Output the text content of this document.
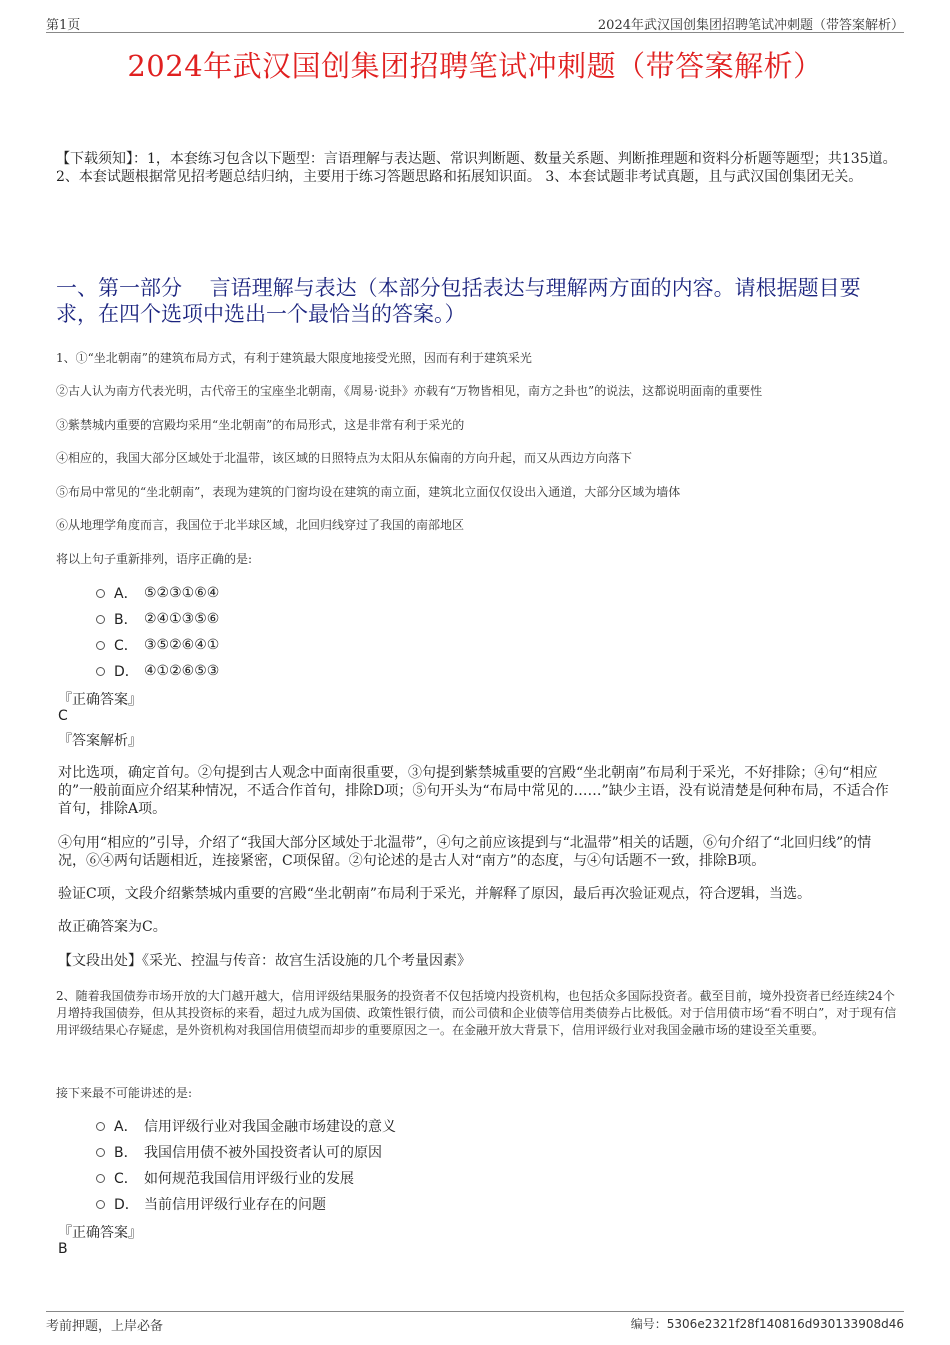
第1页	2024年武汉国创集团招聘笔试冲刺题（带答案解析）
2024年武汉国创集团招聘笔试冲刺题（带答案解析）
【下载须知】：1，本套练习包含以下题型：言语理解与表达题、常识判断题、数量关系题、判断推理题和资料分析题等题型；共135道。 2、本套试题根据常见招考题总结归纳，主要用于练习答题思路和拓展知识面。 3、本套试题非考试真题，且与武汉国创集团无关。
一、第一部分　 言语理解与表达（本部分包括表达与理解两方面的内容。请根据题目要求，在四个选项中选出一个最恰当的答案。）
1、①“坐北朝南”的建筑布局方式，有利于建筑最大限度地接受光照，因而有利于建筑采光
②古人认为南方代表光明，古代帝王的宝座坐北朝南，《周易·说卦》亦载有“万物皆相见，南方之卦也”的说法，这都说明面南的重要性
③紫禁城内重要的宫殿均采用“坐北朝南”的布局形式，这是非常有利于采光的
④相应的，我国大部分区域处于北温带，该区域的日照特点为太阳从东偏南的方向升起，而又从西边方向落下
⑤布局中常见的“坐北朝南”，表现为建筑的门窗均设在建筑的南立面，建筑北立面仅仅设出入通道，大部分区域为墙体
⑥从地理学角度而言，我国位于北半球区域，北回归线穿过了我国的南部地区
将以上句子重新排列，语序正确的是:
A． ⑤②③①⑥④
B． ②④①③⑤⑥
C． ③⑤②⑥④①
D． ④①②⑥⑤③
『正确答案』
C
『答案解析』
对比选项，确定首句。②句提到古人观念中面南很重要，③句提到紫禁城重要的宫殿“坐北朝南”布局利于采光，不好排除；④句“相应的”一般前面应介绍某种情况，不适合作首句，排除D项；⑤句开头为“布局中常见的……”缺少主语，没有说清楚是何种布局，不适合作首句，排除A项。
④句用“相应的”引导，介绍了“我国大部分区域处于北温带”，④句之前应该提到与“北温带”相关的话题，⑥句介绍了“北回归线”的情况，⑥④两句话题相近，连接紧密，C项保留。②句论述的是古人对“南方”的态度，与④句话题不一致，排除B项。
验证C项，文段介绍紫禁城内重要的宫殿“坐北朝南”布局利于采光，并解释了原因，最后再次验证观点，符合逻辑，当选。
故正确答案为C。
【文段出处】《采光、控温与传音：故宫生活设施的几个考量因素》
2、随着我国债券市场开放的大门越开越大，信用评级结果服务的投资者不仅包括境内投资机构，也包括众多国际投资者。截至目前，境外投资者已经连续24个月增持我国债券，但从其投资标的来看，超过九成为国债、政策性银行债，而公司债和企业债等信用类债券占比极低。对于信用债市场“看不明白”，对于现有信用评级结果心存疑虑，是外资机构对我国信用债望而却步的重要原因之一。在金融开放大背景下，信用评级行业对我国金融市场的建设至关重要。
接下来最不可能讲述的是:
A． 信用评级行业对我国金融市场建设的意义
B． 我国信用债不被外国投资者认可的原因
C． 如何规范我国信用评级行业的发展
D． 当前信用评级行业存在的问题
『正确答案』
B
考前押题，上岸必备	编号：5306e2321f28f140816d930133908d46
